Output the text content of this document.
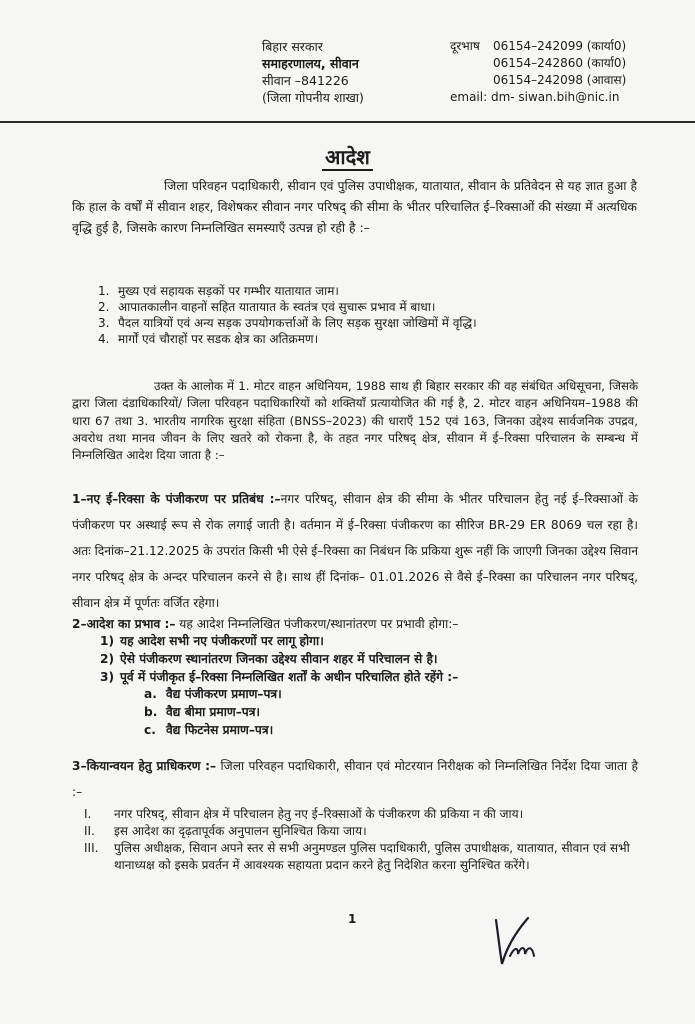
बिहार सरकार
समाहरणालय, सीवान
सीवान –841226
(जिला गोपनीय शाखा)
दूरभाष 06154–242099 (कार्या0)
06154–242860 (कार्या0)
06154–242098 (आवास)
email: dm- siwan.bih@nic.in
आदेश
जिला परिवहन पदाधिकारी, सीवान एवं पुलिस उपाधीक्षक, यातायात, सीवान के प्रतिवेदन से यह ज्ञात हुआ है कि हाल के वर्षों में सीवान शहर, विशेषकर सीवान नगर परिषद् की सीमा के भीतर परिचालित ई–रिक्साओं की संख्या में अत्यधिक वृद्धि हुई है, जिसके कारण निम्नलिखित समस्याएँ उत्पन्न हो रही है :–
1. मुख्य एवं सहायक सड़कों पर गम्भीर यातायात जाम।
2. आपातकालीन वाहनों सहित यातायात के स्वतंत्र एवं सुचारू प्रभाव में बाधा।
3. पैदल यात्रियों एवं अन्य सड़क उपयोगकर्त्ताओं के लिए सड़क सुरक्षा जोखिमों में वृद्धि।
4. मार्गों एवं चौराहों पर सडक क्षेत्र का अतिक्रमण।
उक्त के आलोक में 1. मोटर वाहन अधिनियम, 1988 साथ ही बिहार सरकार की वह संबंधित अधिसूचना, जिसके द्वारा जिला दंडाधिकारियों/ जिला परिवहन पदाधिकारियों को शक्तियाँ प्रत्यायोजित की गई है, 2. मोटर वाहन अधिनियम–1988 की धारा 67 तथा 3. भारतीय नागरिक सुरक्षा संहिता (BNSS–2023) की धाराएँ 152 एवं 163, जिनका उद्देश्य सार्वजनिक उपद्रव, अवरोध तथा मानव जीवन के लिए खतरे को रोकना है, के तहत नगर परिषद् क्षेत्र, सीवान में ई–रिक्सा परिचालन के सम्बन्ध में निम्नलिखित आदेश दिया जाता है :–
1–नए ई–रिक्सा के पंजीकरण पर प्रतिबंध :–नगर परिषद्, सीवान क्षेत्र की सीमा के भीतर परिचालन हेतु नई ई–रिक्साओं के पंजीकरण पर अस्थाई रूप से रोक लगाई जाती है। वर्तमान में ई–रिक्सा पंजीकरण का सीरिज BR-29 ER 8069 चल रहा है। अतः दिनांक–21.12.2025 के उपरांत किसी भी ऐसे ई–रिक्सा का निबंधन कि प्रकिया शुरू नहीं कि जाएगी जिनका उद्देश्य सिवान नगर परिषद् क्षेत्र के अन्दर परिचालन करने से है। साथ हीं दिनांक– 01.01.2026 से वैसे ई–रिक्सा का परिचालन नगर परिषद्, सीवान क्षेत्र में पूर्णतः वर्जित रहेगा।
2–आदेश का प्रभाव :– यह आदेश निम्नलिखित पंजीकरण/स्थानांतरण पर प्रभावी होगा:–
1) यह आदेश सभी नए पंजीकरणों पर लागू होगा।
2) ऐसे पंजीकरण स्थानांतरण जिनका उद्देश्य सीवान शहर में परिचालन से है।
3) पूर्व में पंजीकृत ई–रिक्सा निम्नलिखित शर्तों के अधीन परिचालित होते रहेंगे :–
a. वैद्य पंजीकरण प्रमाण–पत्र।
b. वैद्य बीमा प्रमाण–पत्र।
c. वैद्य फिटनेस प्रमाण–पत्र।
3–कियान्वयन हेतु प्राधिकरण :– जिला परिवहन पदाधिकारी, सीवान एवं मोटरयान निरीक्षक को निम्नलिखित निर्देश दिया जाता है :–
I.	नगर परिषद्, सीवान क्षेत्र में परिचालन हेतु नए ई–रिक्साओं के पंजीकरण की प्रकिया न की जाय।
II.	इस आदेश का दृढ़तापूर्वक अनुपालन सुनिश्चित किया जाय।
III.	पुलिस अधीक्षक, सिवान अपने स्तर से सभी अनुमण्डल पुलिस पदाधिकारी, पुलिस उपाधीक्षक, यातायात, सीवान एवं सभी थानाध्यक्ष को इसके प्रवर्तन में आवश्यक सहायता प्रदान करने हेतु निदेशित करना सुनिश्चित करेंगे।
1
